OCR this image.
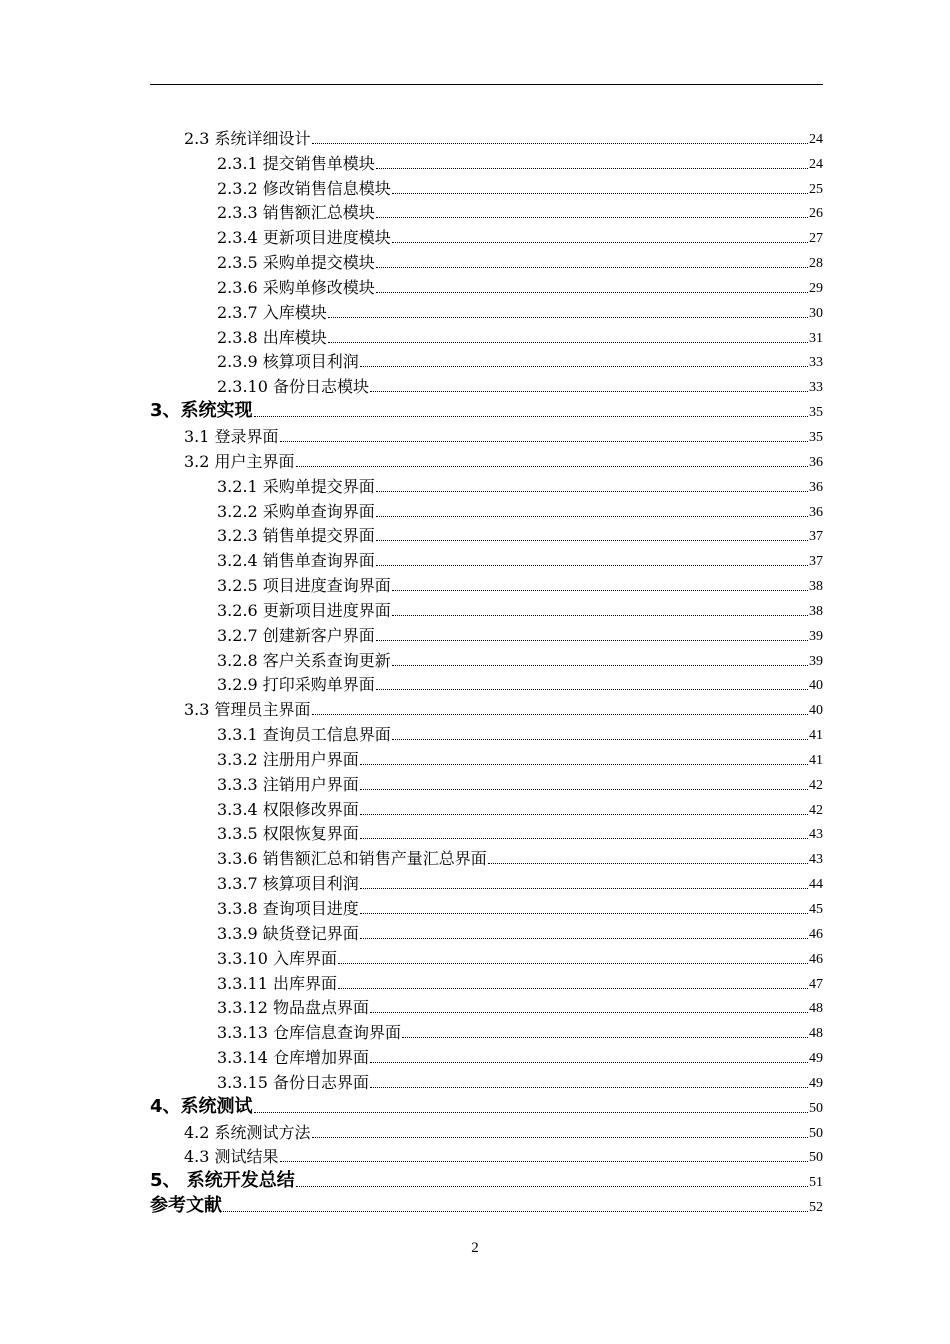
2.3 系统详细设计	24
2.3.1 提交销售单模块	24
2.3.2 修改销售信息模块	25
2.3.3 销售额汇总模块	26
2.3.4 更新项目进度模块	27
2.3.5 采购单提交模块	28
2.3.6 采购单修改模块	29
2.3.7 入库模块	30
2.3.8 出库模块	31
2.3.9 核算项目利润	33
2.3.10 备份日志模块	33
3、系统实现	35
3.1 登录界面	35
3.2 用户主界面	36
3.2.1 采购单提交界面	36
3.2.2 采购单查询界面	36
3.2.3 销售单提交界面	37
3.2.4 销售单查询界面	37
3.2.5 项目进度查询界面	38
3.2.6 更新项目进度界面	38
3.2.7 创建新客户界面	39
3.2.8 客户关系查询更新	39
3.2.9 打印采购单界面	40
3.3 管理员主界面	40
3.3.1 查询员工信息界面	41
3.3.2 注册用户界面	41
3.3.3 注销用户界面	42
3.3.4 权限修改界面	42
3.3.5 权限恢复界面	43
3.3.6 销售额汇总和销售产量汇总界面	43
3.3.7 核算项目利润	44
3.3.8 查询项目进度	45
3.3.9 缺货登记界面	46
3.3.10 入库界面	46
3.3.11 出库界面	47
3.3.12 物品盘点界面	48
3.3.13 仓库信息查询界面	48
3.3.14 仓库增加界面	49
3.3.15 备份日志界面	49
4、系统测试	50
4.2 系统测试方法	50
4.3 测试结果	50
5、 系统开发总结	51
参考文献	52
2
